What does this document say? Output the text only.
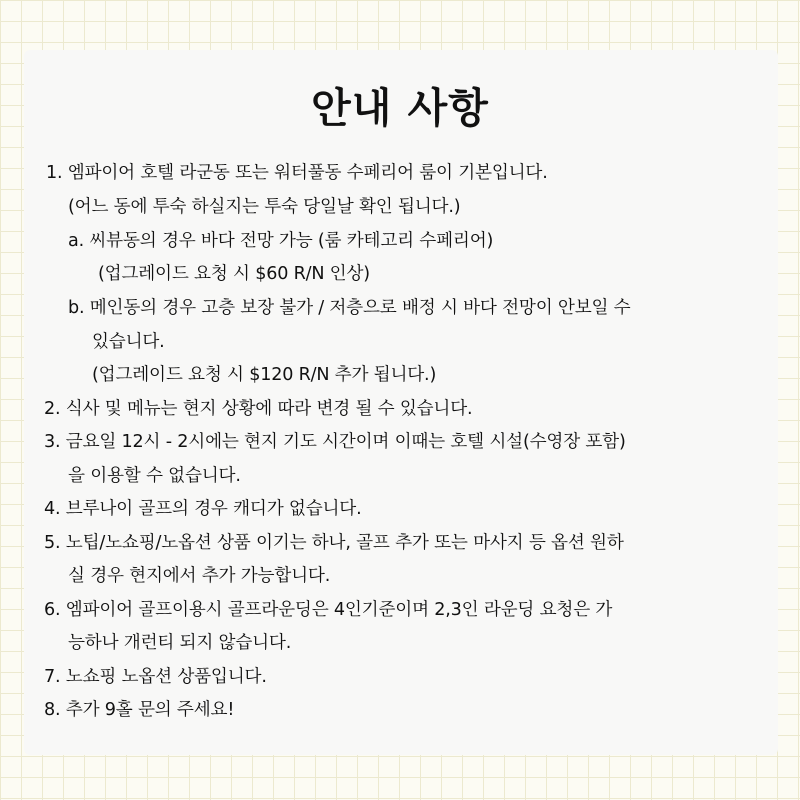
안내 사항
1. 엠파이어 호텔 라군동 또는 워터풀동 수페리어 룸이 기본입니다.
(어느 동에 투숙 하실지는 투숙 당일날 확인 됩니다.)
a. 씨뷰동의 경우 바다 전망 가능 (룸 카테고리 수페리어)
(업그레이드 요청 시 $60 R/N 인상)
b. 메인동의 경우 고층 보장 불가 / 저층으로 배정 시 바다 전망이 안보일 수
있습니다.
(업그레이드 요청 시 $120 R/N 추가 됩니다.)
2. 식사 및 메뉴는 현지 상황에 따라 변경 될 수 있습니다.
3. 금요일 12시 - 2시에는 현지 기도 시간이며 이때는 호텔 시설(수영장 포함)
을 이용할 수 없습니다.
4. 브루나이 골프의 경우 캐디가 없습니다.
5. 노팁/노쇼핑/노옵션 상품 이기는 하나, 골프 추가 또는 마사지 등 옵션 원하
실 경우 현지에서 추가 가능합니다.
6. 엠파이어 골프이용시 골프라운딩은 4인기준이며 2,3인 라운딩 요청은 가
능하나 개런티 되지 않습니다.
7. 노쇼핑 노옵션 상품입니다.
8. 추가 9홀 문의 주세요!
